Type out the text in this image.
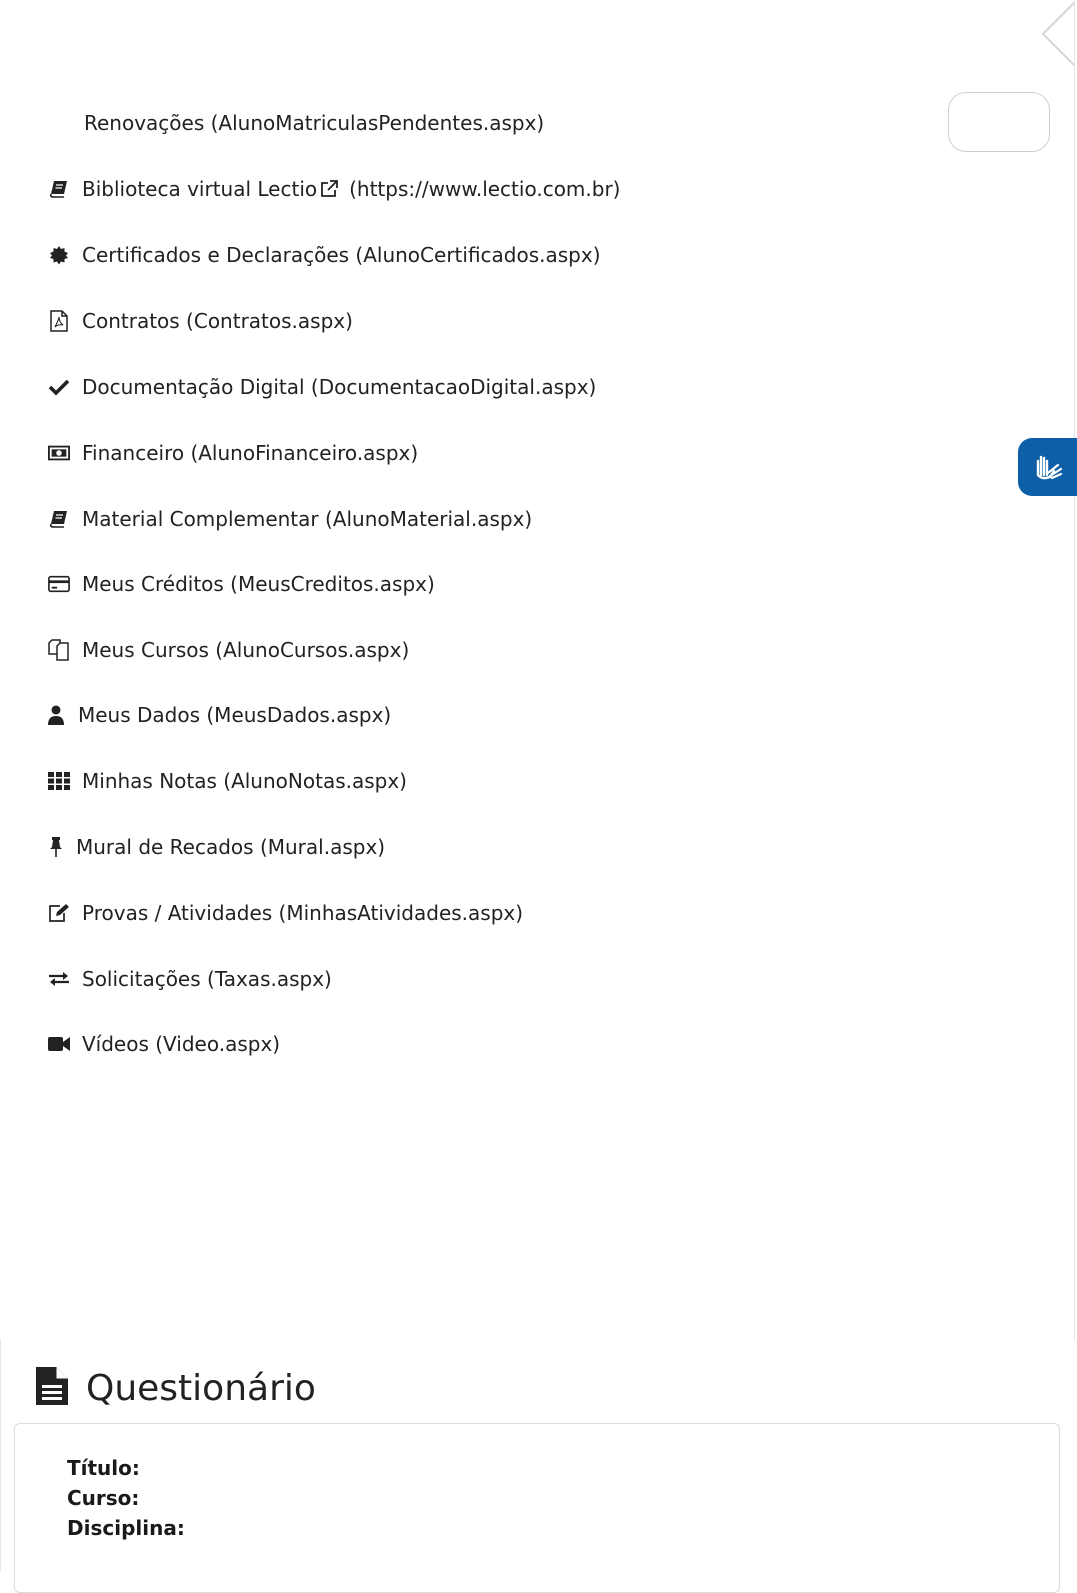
Renovações (AlunoMatriculasPendentes.aspx)
Biblioteca virtual Lectio (https://www.lectio.com.br)
Certificados e Declarações (AlunoCertificados.aspx)
Contratos (Contratos.aspx)
Documentação Digital (DocumentacaoDigital.aspx)
Financeiro (AlunoFinanceiro.aspx)
Material Complementar (AlunoMaterial.aspx)
Meus Créditos (MeusCreditos.aspx)
Meus Cursos (AlunoCursos.aspx)
Meus Dados (MeusDados.aspx)
Minhas Notas (AlunoNotas.aspx)
Mural de Recados (Mural.aspx)
Provas / Atividades (MinhasAtividades.aspx)
Solicitações (Taxas.aspx)
Vídeos (Video.aspx)
Questionário
Título:
Curso:
Disciplina:
